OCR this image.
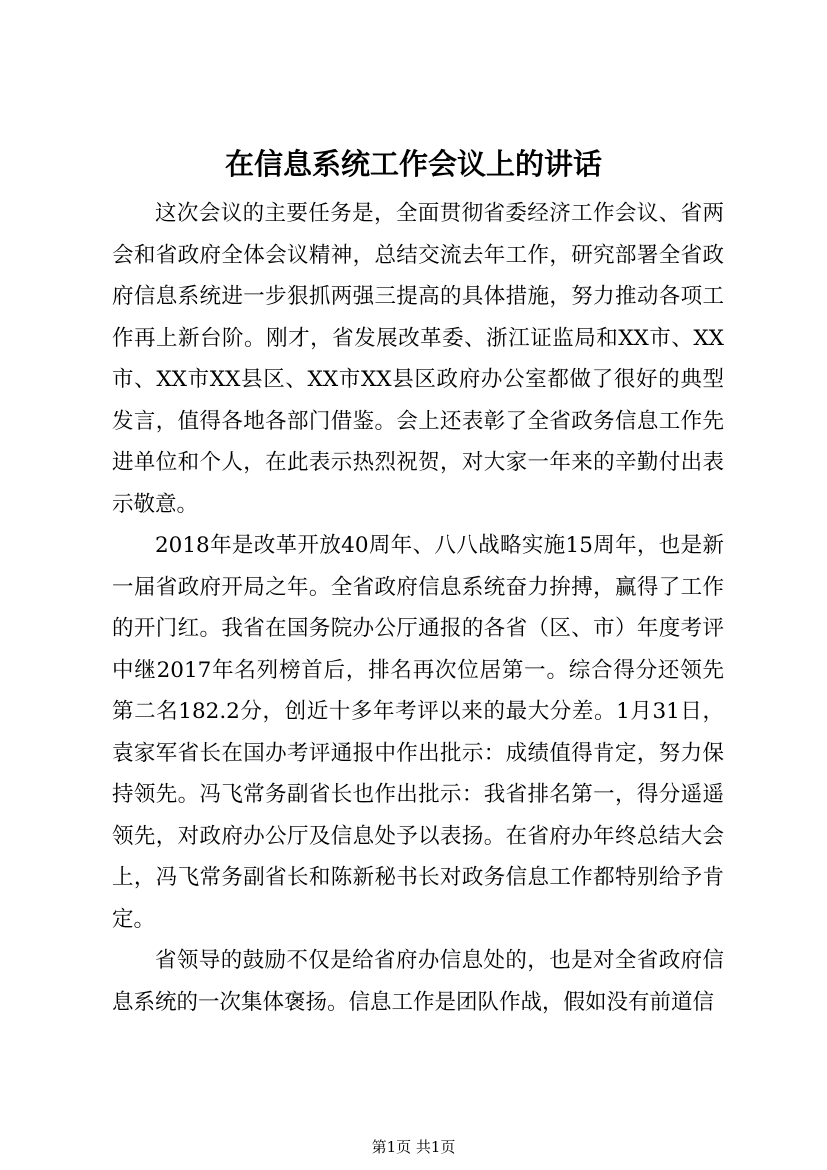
在信息系统工作会议上的讲话

这次会议的主要任务是，全面贯彻省委经济工作会议、省两会和省政府全体会议精神，总结交流去年工作，研究部署全省政府信息系统进一步狠抓两强三提高的具体措施，努力推动各项工作再上新台阶。刚才，省发展改革委、浙江证监局和XX市、XX市、XX市XX县区、XX市XX县区政府办公室都做了很好的典型发言，值得各地各部门借鉴。会上还表彰了全省政务信息工作先进单位和个人，在此表示热烈祝贺，对大家一年来的辛勤付出表示敬意。

2018年是改革开放40周年、八八战略实施15周年，也是新一届省政府开局之年。全省政府信息系统奋力拚搏，赢得了工作的开门红。我省在国务院办公厅通报的各省（区、市）年度考评中继2017年名列榜首后，排名再次位居第一。综合得分还领先第二名182.2分，创近十多年考评以来的最大分差。1月31日，袁家军省长在国办考评通报中作出批示：成绩值得肯定，努力保持领先。冯飞常务副省长也作出批示：我省排名第一，得分遥遥领先，对政府办公厅及信息处予以表扬。在省府办年终总结大会上，冯飞常务副省长和陈新秘书长对政务信息工作都特别给予肯定。

省领导的鼓励不仅是给省府办信息处的，也是对全省政府信息系统的一次集体褒扬。信息工作是团队作战，假如没有前道信

第1页 共1页
